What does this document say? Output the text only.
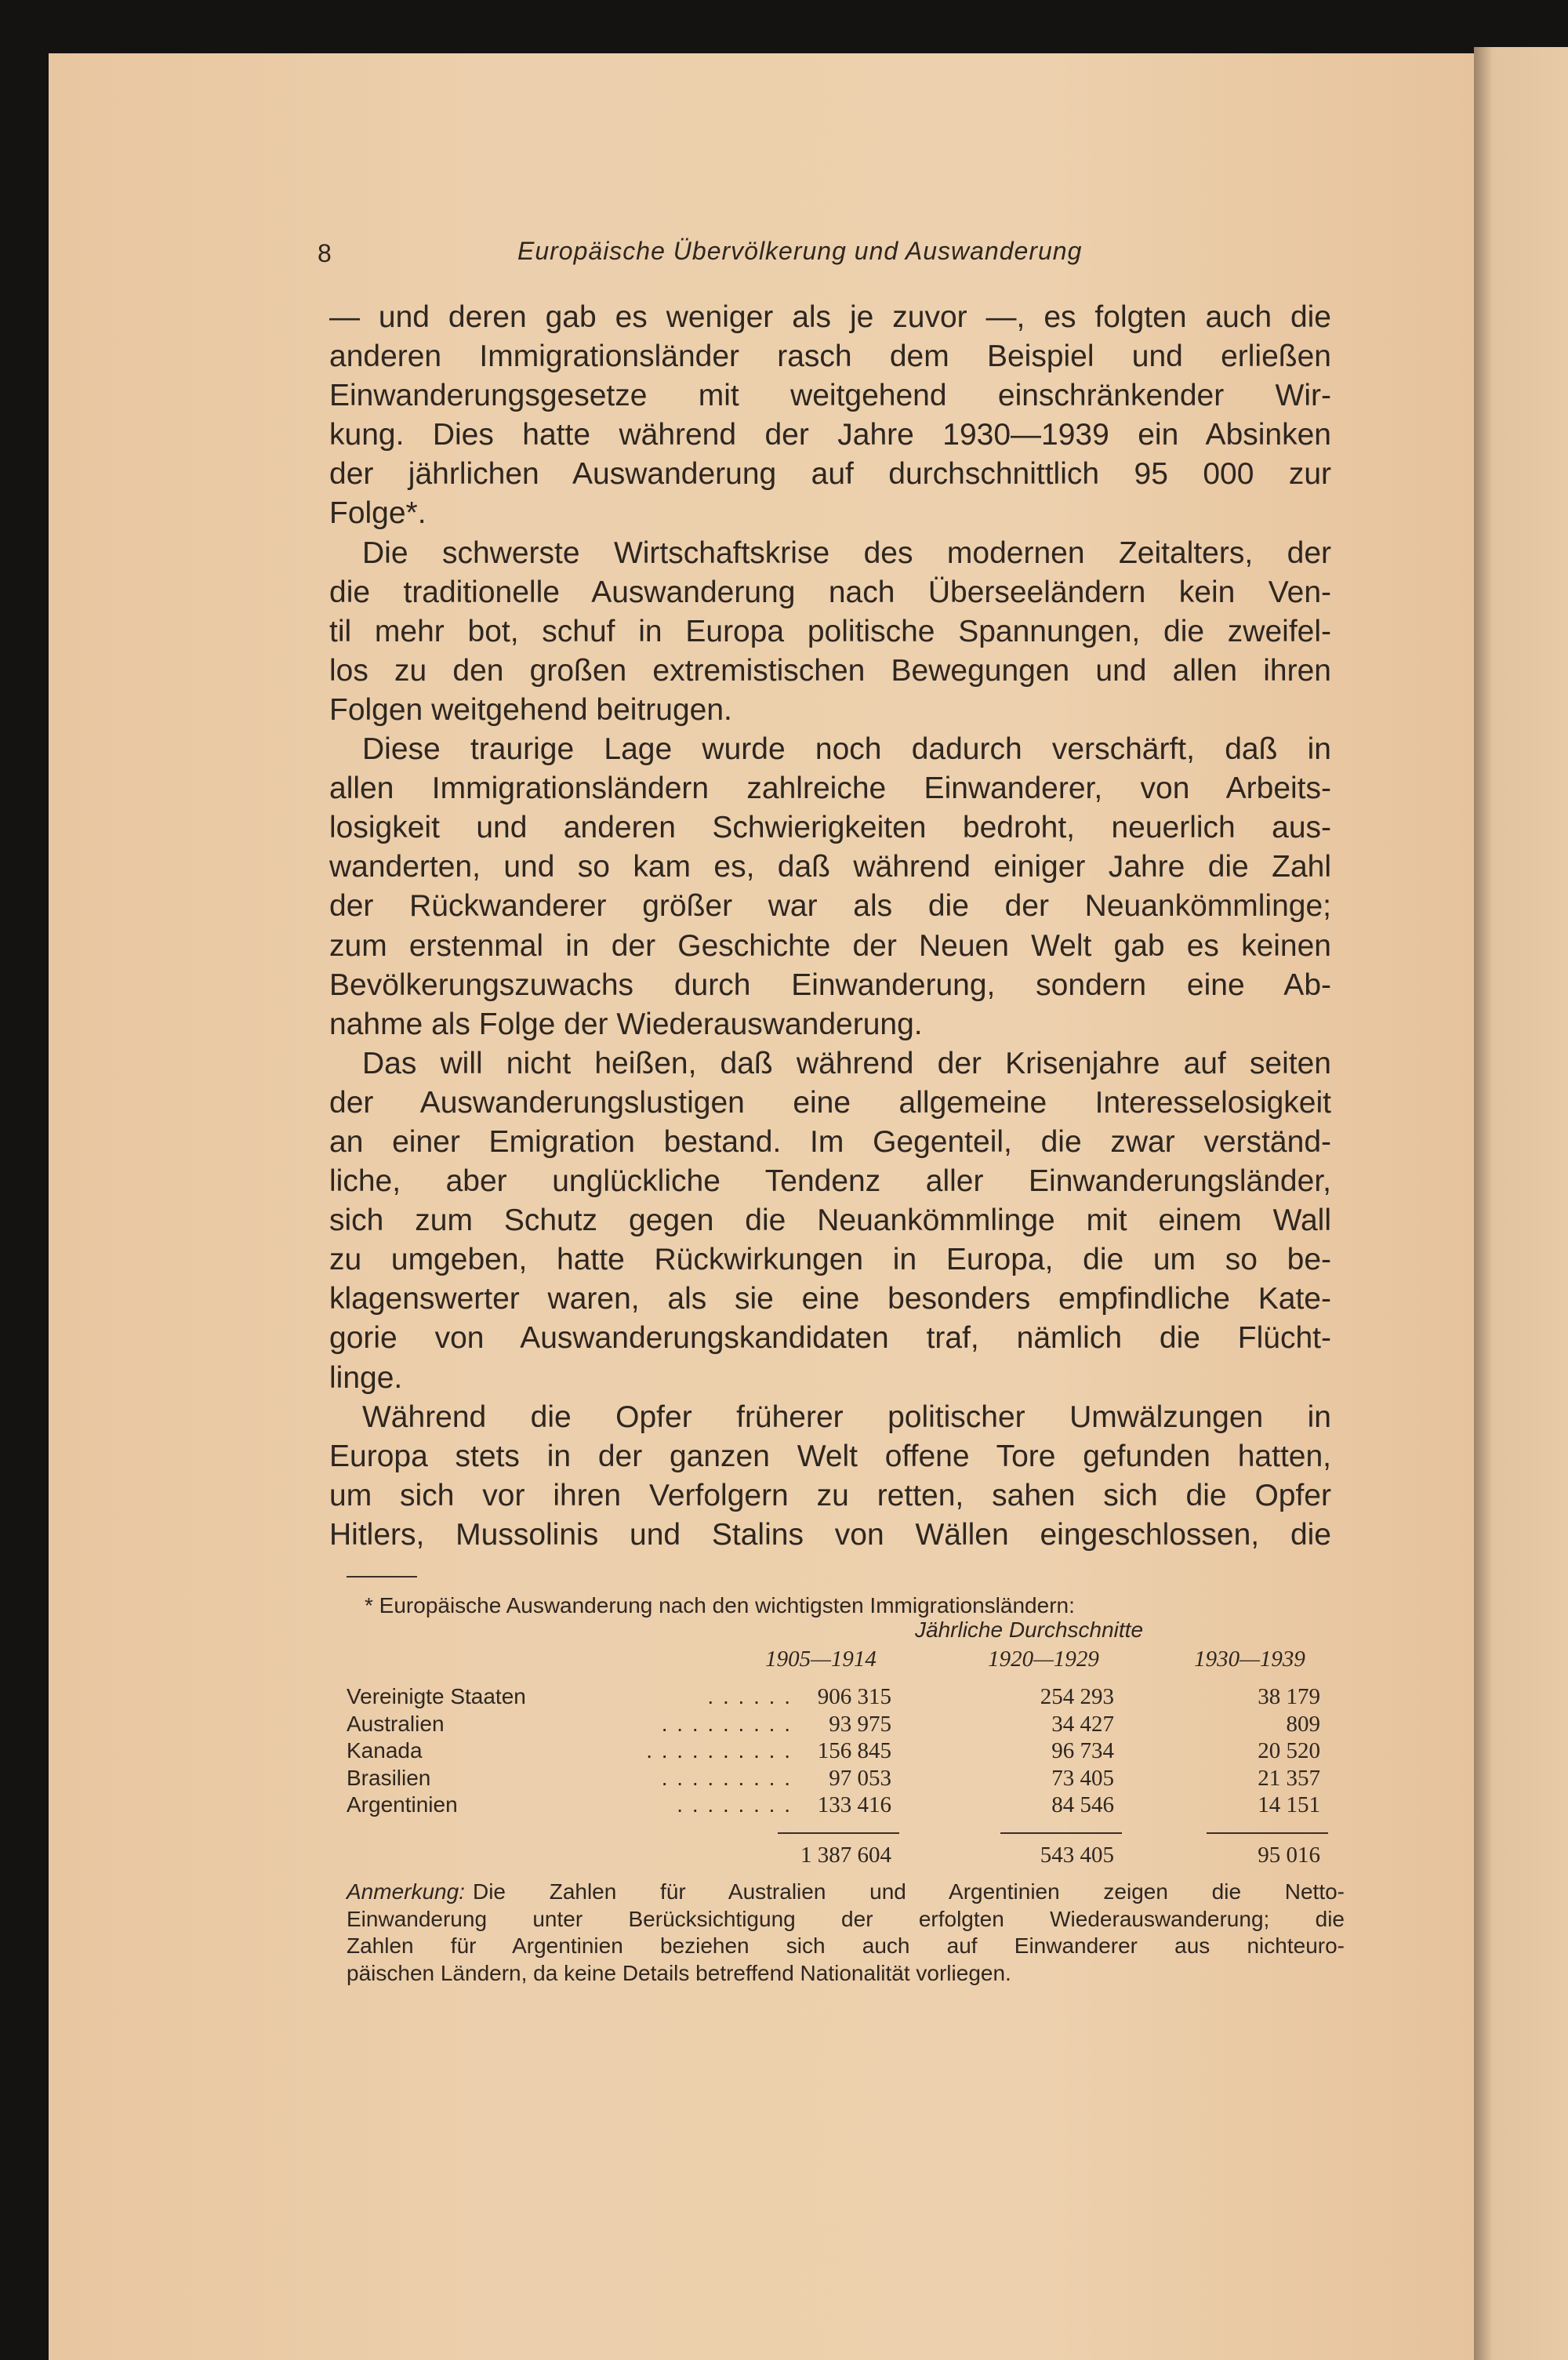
8	Europäische Übervölkerung und Auswanderung
— und deren gab es weniger als je zuvor —, es folgten auch die
anderen Immigrationsländer rasch dem Beispiel und erließen
Einwanderungsgesetze mit weitgehend einschränkender Wir-
kung. Dies hatte während der Jahre 1930—1939 ein Absinken
der jährlichen Auswanderung auf durchschnittlich 95 000 zur
Folge*.
Die schwerste Wirtschaftskrise des modernen Zeitalters, der
die traditionelle Auswanderung nach Überseeländern kein Ven-
til mehr bot, schuf in Europa politische Spannungen, die zweifel-
los zu den großen extremistischen Bewegungen und allen ihren
Folgen weitgehend beitrugen.
Diese traurige Lage wurde noch dadurch verschärft, daß in
allen Immigrationsländern zahlreiche Einwanderer, von Arbeits-
losigkeit und anderen Schwierigkeiten bedroht, neuerlich aus-
wanderten, und so kam es, daß während einiger Jahre die Zahl
der Rückwanderer größer war als die der Neuankömmlinge;
zum erstenmal in der Geschichte der Neuen Welt gab es keinen
Bevölkerungszuwachs durch Einwanderung, sondern eine Ab-
nahme als Folge der Wiederauswanderung.
Das will nicht heißen, daß während der Krisenjahre auf seiten
der Auswanderungslustigen eine allgemeine Interesselosigkeit
an einer Emigration bestand. Im Gegenteil, die zwar verständ-
liche, aber unglückliche Tendenz aller Einwanderungsländer,
sich zum Schutz gegen die Neuankömmlinge mit einem Wall
zu umgeben, hatte Rückwirkungen in Europa, die um so be-
klagenswerter waren, als sie eine besonders empfindliche Kate-
gorie von Auswanderungskandidaten traf, nämlich die Flücht-
linge.
Während die Opfer früherer politischer Umwälzungen in
Europa stets in der ganzen Welt offene Tore gefunden hatten,
um sich vor ihren Verfolgern zu retten, sahen sich die Opfer
Hitlers, Mussolinis und Stalins von Wällen eingeschlossen, die
* Europäische Auswanderung nach den wichtigsten Immigrationsländern:
Jährliche Durchschnitte
1905—1914	1920—1929	1930—1939
Vereinigte Staaten	. . . . . .	906 315	254 293	38 179
Australien	. . . . . . . . .	93 975	34 427	809
Kanada	. . . . . . . . . .	156 845	96 734	20 520
Brasilien	. . . . . . . . .	97 053	73 405	21 357
Argentinien	. . . . . . . .	133 416	84 546	14 151
1 387 604	543 405	95 016
Anmerkung: Die Zahlen für Australien und Argentinien zeigen die Netto-
Einwanderung unter Berücksichtigung der erfolgten Wiederauswanderung; die
Zahlen für Argentinien beziehen sich auch auf Einwanderer aus nichteuro-
päischen Ländern, da keine Details betreffend Nationalität vorliegen.
